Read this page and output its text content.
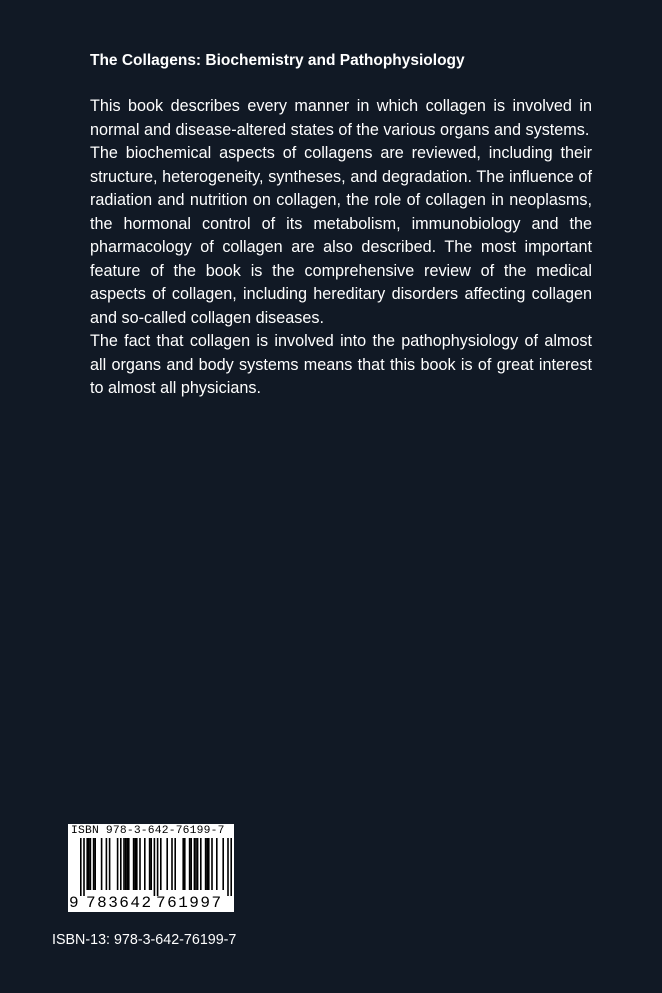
The Collagens: Biochemistry and Pathophysiology

This book describes every manner in which collagen is involved in normal and disease-altered states of the various organs and systems.

The biochemical aspects of collagens are reviewed, including their structure, heterogeneity, syntheses, and degradation. The influence of radiation and nutrition on collagen, the role of collagen in neoplasms, the hormonal control of its metabolism, immunobiology and the pharmacology of collagen are also described. The most important feature of the book is the comprehensive review of the medical aspects of collagen, including hereditary disorders affecting collagen and so-called collagen diseases.

The fact that collagen is involved into the pathophysiology of almost all organs and body systems means that this book is of great interest to almost all physicians.

ISBN 978-3-642-76199-7
9 783642 761997
ISBN-13: 978-3-642-76199-7
